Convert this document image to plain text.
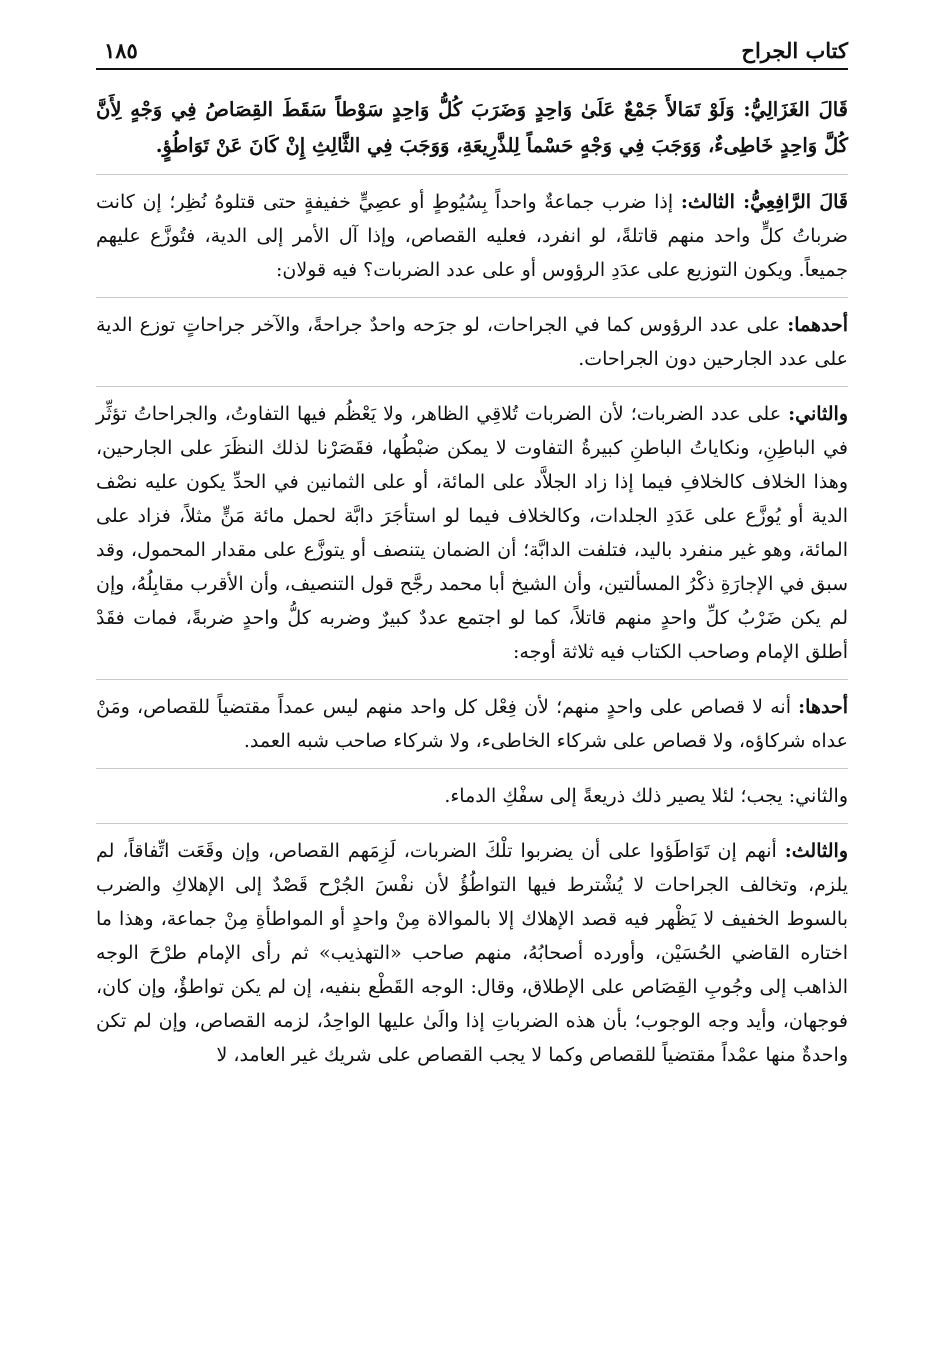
كتاب الجراح
١٨٥

قَالَ الغَزَالِيُّ: وَلَوْ تَمَالأَ جَمْعٌ عَلَىٰ وَاحِدٍ وَضَرَبَ كُلُّ وَاحِدٍ سَوْطاً سَقَطَ القِصَاصُ فِي وَجْهٍ لِأَنَّ كُلَّ وَاحِدٍ خَاطِىءٌ، وَوَجَبَ فِي وَجْهٍ حَسْماً لِلذَّرِيعَةِ، وَوَجَبَ فِي الثَّالِثِ إِنْ كَانَ عَنْ تَوَاطُؤٍ.

قَالَ الرَّافِعِيُّ: الثالث: إذا ضرب جماعةٌ واحداً بِسُيُوطٍ أو عصِيٍّ خفيفةٍ حتى قتلوهُ نُظِر؛ إن كانت ضرباتُ كلٍّ واحد منهم قاتلةً، لو انفرد، فعليه القصاص، وإذا آل الأمر إلى الدية، فتُوزَّع عليهم جميعاً. ويكون التوزيع على عدَدِ الرؤوس أو على عدد الضربات؟ فيه قولان:

أحدهما: على عدد الرؤوس كما في الجراحات، لو جرَحه واحدٌ جراحةً، والآخر جراحاتٍ توزع الدية على عدد الجارحين دون الجراحات.

والثاني: على عدد الضربات؛ لأن الضربات تُلاقِي الظاهر، ولا يَعْظُم فيها التفاوتُ، والجراحاتُ تؤثِّر في الباطِنِ، ونكاياتُ الباطنِ كبيرةُ التفاوت لا يمكن ضبْطُها، فقَصَرْنا لذلك النظَرَ على الجارحين، وهذا الخلاف كالخلافِ فيما إذا زاد الجلاَّد على المائة، أو على الثمانين في الحدِّ يكون عليه نصْف الدية أو يُوزَّع على عَدَدِ الجلدات، وكالخلاف فيما لو استأجَرَ دابَّة لحمل مائة مَنٍّ مثلاً، فزاد على المائة، وهو غير منفرد باليد، فتلفت الدابَّة؛ أن الضمان يتنصف أو يتوزَّع على مقدار المحمول، وقد سبق في الإجارَةِ ذكْرُ المسألتين، وأن الشيخ أبا محمد رجَّح قول التنصيف، وأن الأقرب مقابِلُهُ، وإن لم يكن ضَرْبُ كلِّ واحدٍ منهم قاتلاً، كما لو اجتمع عددٌ كبيرٌ وضربه كلُّ واحدٍ ضربةً، فمات فقَدْ أطلق الإمام وصاحب الكتاب فيه ثلاثة أوجه:

أحدها: أنه لا قصاص على واحدٍ منهم؛ لأن فِعْل كل واحد منهم ليس عمداً مقتضياً للقصاص، ومَنْ عداه شركاؤه، ولا قصاص على شركاء الخاطىء، ولا شركاء صاحب شبه العمد.

والثاني: يجب؛ لئلا يصير ذلك ذريعةً إلى سفْكِ الدماء.

والثالث: أنهم إن تَوَاطَؤوا على أن يضربوا تلْكَ الضربات، لَزِمَهم القصاص، وإن وقَعَت اتِّفاقاً، لم يلزم، وتخالف الجراحات لا يُشْترط فيها التواطُؤُ لأن نفْسَ الجُرْح قَصْدٌ إلى الإهلاكِ والضرب بالسوط الخفيف لا يَظْهر فيه قصد الإهلاك إلا بالموالاة مِنْ واحدٍ أو المواطأةِ مِنْ جماعة، وهذا ما اختاره القاضي الحُسَيْن، وأورده أصحابُهُ، منهم صاحب «التهذيب» ثم رأى الإمام طرْحَ الوجه الذاهب إلى وجُوبِ القِصَاص على الإطلاق، وقال: الوجه القَطْع بنفيه، إن لم يكن تواطؤٌ، وإن كان، فوجهان، وأيد وجه الوجوب؛ بأن هذه الضرباتِ إذا والَىٰ عليها الواحِدُ، لزمه القصاص، وإن لم تكن واحدةٌ منها عمْداً مقتضياً للقصاص وكما لا يجب القصاص على شريك غير العامد، لا
